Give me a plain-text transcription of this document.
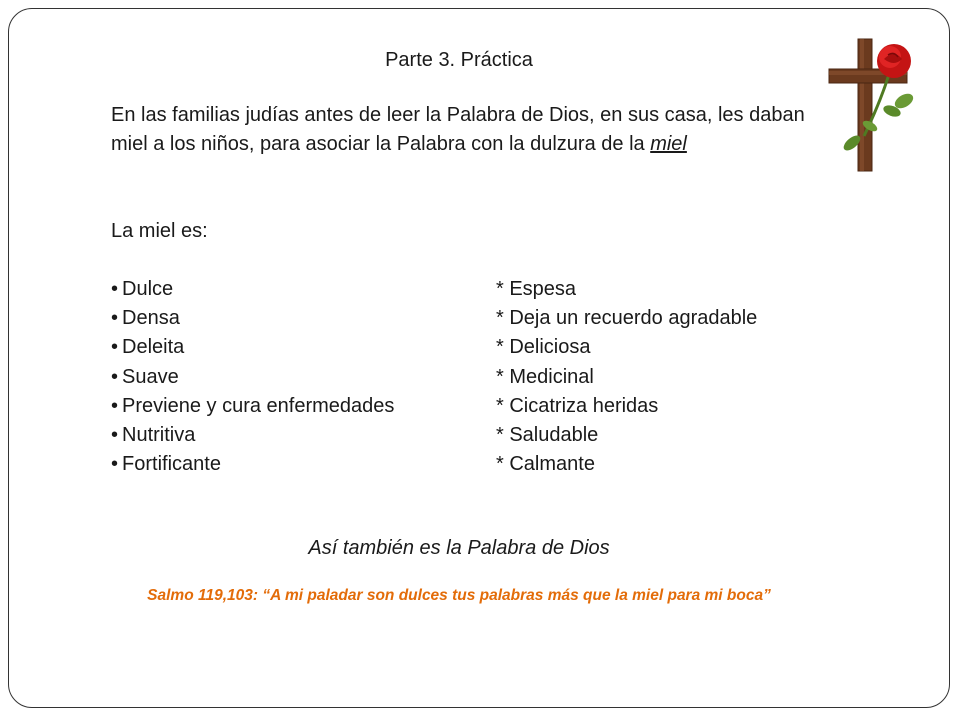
Parte 3. Práctica
En las familias judías antes de leer la Palabra de Dios, en sus casa, les daban miel a los niños, para asociar la Palabra con la dulzura de la miel
La miel es:
• Dulce
• Densa
• Deleita
• Suave
• Previene y cura enfermedades
• Nutritiva
• Fortificante
* Espesa
* Deja un recuerdo agradable
* Deliciosa
* Medicinal
* Cicatriza heridas
* Saludable
* Calmante
Así también es la Palabra de Dios
Salmo 119,103: “A mi paladar son dulces tus palabras más que la miel para mi boca”
